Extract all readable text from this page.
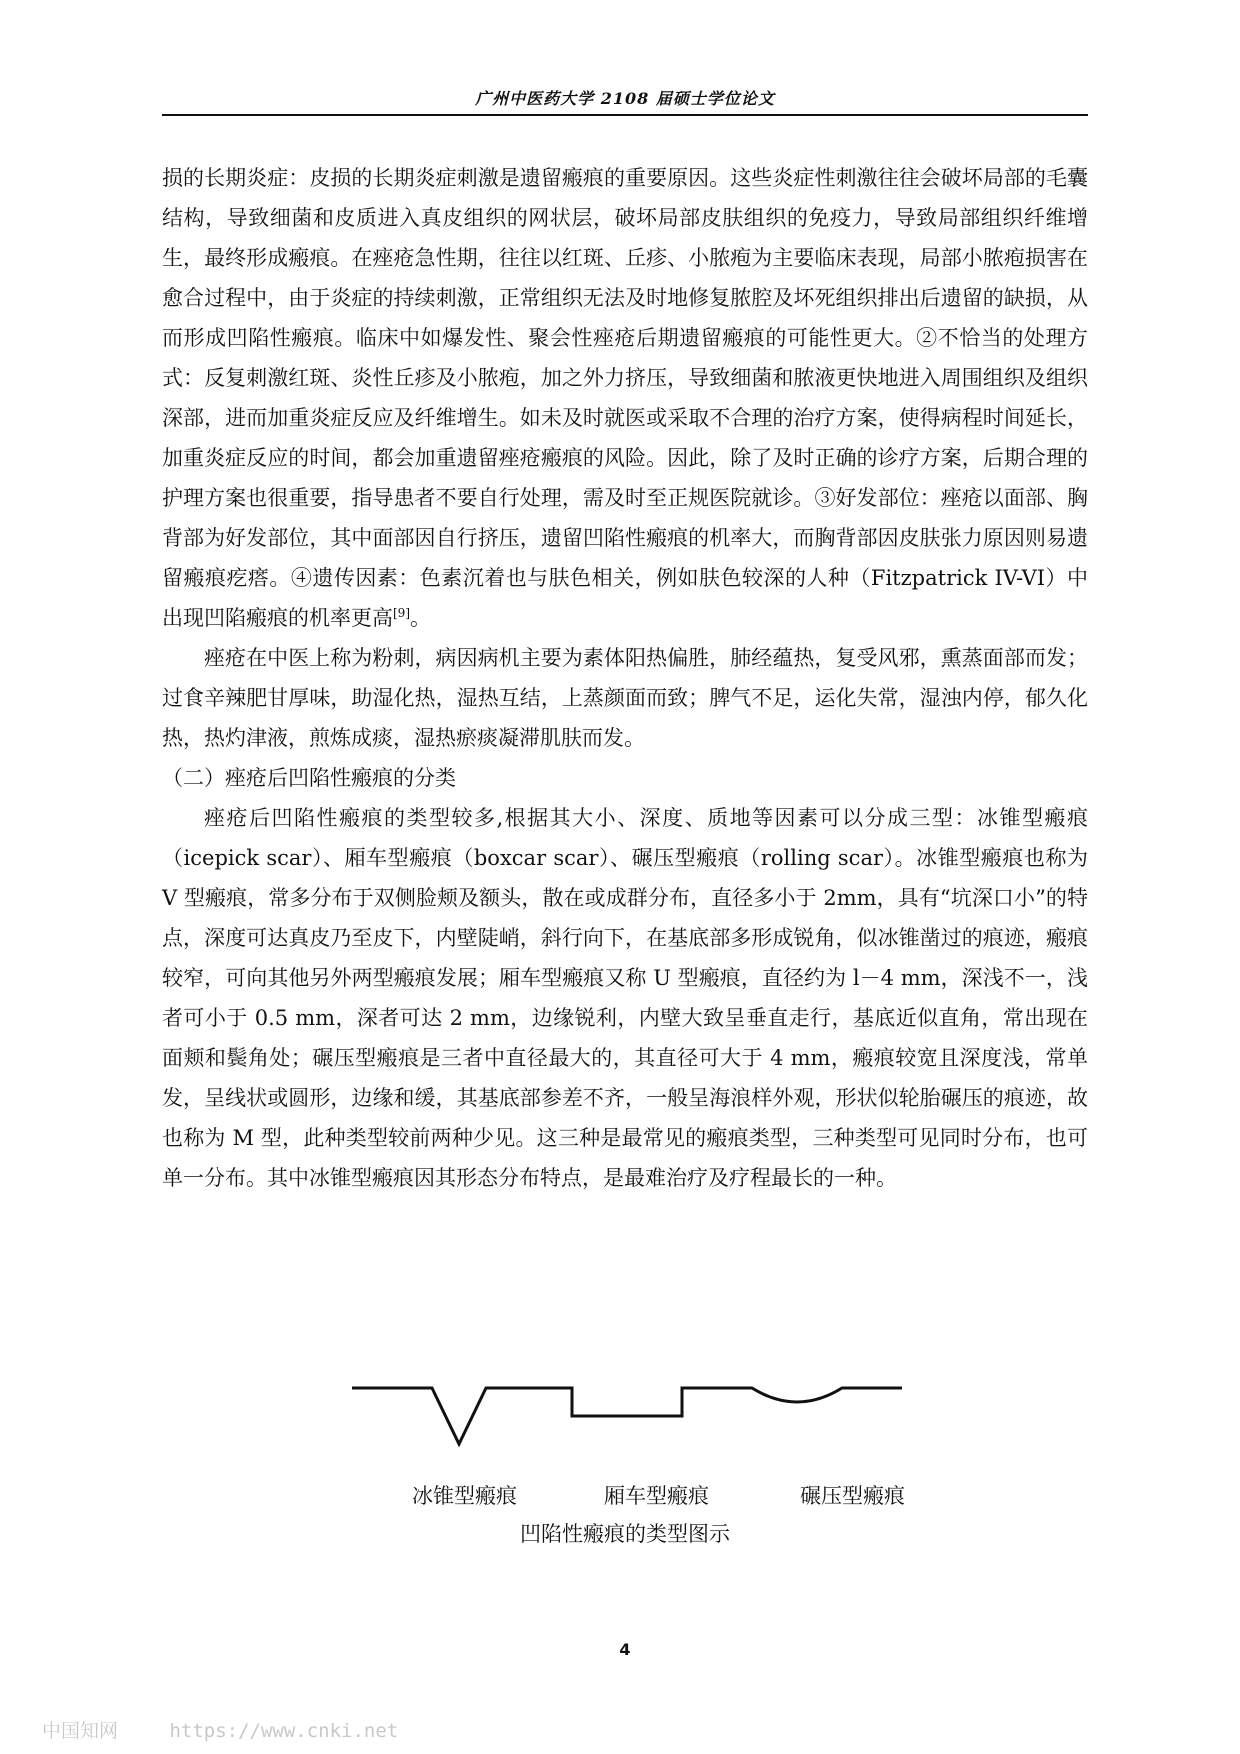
广州中医药大学 2108 届硕士学位论文

损的长期炎症：皮损的长期炎症刺激是遗留瘢痕的重要原因。这些炎症性刺激往往会破坏局部的毛囊结构，导致细菌和皮质进入真皮组织的网状层，破坏局部皮肤组织的免疫力，导致局部组织纤维增生，最终形成瘢痕。在痤疮急性期，往往以红斑、丘疹、小脓疱为主要临床表现，局部小脓疱损害在愈合过程中，由于炎症的持续刺激，正常组织无法及时地修复脓腔及坏死组织排出后遗留的缺损，从而形成凹陷性瘢痕。临床中如爆发性、聚会性痤疮后期遗留瘢痕的可能性更大。②不恰当的处理方式：反复刺激红斑、炎性丘疹及小脓疱，加之外力挤压，导致细菌和脓液更快地进入周围组织及组织深部，进而加重炎症反应及纤维增生。如未及时就医或采取不合理的治疗方案，使得病程时间延长，加重炎症反应的时间，都会加重遗留痤疮瘢痕的风险。因此，除了及时正确的诊疗方案，后期合理的护理方案也很重要，指导患者不要自行处理，需及时至正规医院就诊。③好发部位：痤疮以面部、胸背部为好发部位，其中面部因自行挤压，遗留凹陷性瘢痕的机率大，而胸背部因皮肤张力原因则易遗留瘢痕疙瘩。④遗传因素：色素沉着也与肤色相关，例如肤色较深的人种（Fitzpatrick IV-VI）中出现凹陷瘢痕的机率更高[9]。

痤疮在中医上称为粉刺，病因病机主要为素体阳热偏胜，肺经蕴热，复受风邪，熏蒸面部而发；过食辛辣肥甘厚味，助湿化热，湿热互结，上蒸颜面而致；脾气不足，运化失常，湿浊内停，郁久化热，热灼津液，煎炼成痰，湿热瘀痰凝滞肌肤而发。

（二）痤疮后凹陷性瘢痕的分类

痤疮后凹陷性瘢痕的类型较多,根据其大小、深度、质地等因素可以分成三型：冰锥型瘢痕（icepick scar）、厢车型瘢痕（boxcar scar）、碾压型瘢痕（rolling scar）。冰锥型瘢痕也称为 V 型瘢痕，常多分布于双侧脸颊及额头，散在或成群分布，直径多小于 2mm，具有“坑深口小”的特点，深度可达真皮乃至皮下，内壁陡峭，斜行向下，在基底部多形成锐角，似冰锥凿过的痕迹，瘢痕较窄，可向其他另外两型瘢痕发展；厢车型瘢痕又称 U 型瘢痕，直径约为 l－4 mm，深浅不一，浅者可小于 0.5 mm，深者可达 2 mm，边缘锐利，内壁大致呈垂直走行，基底近似直角，常出现在面颊和鬓角处；碾压型瘢痕是三者中直径最大的，其直径可大于 4 mm，瘢痕较宽且深度浅，常单发，呈线状或圆形，边缘和缓，其基底部参差不齐，一般呈海浪样外观，形状似轮胎碾压的痕迹，故也称为 M 型，此种类型较前两种少见。这三种是最常见的瘢痕类型，三种类型可见同时分布，也可单一分布。其中冰锥型瘢痕因其形态分布特点，是最难治疗及疗程最长的一种。

冰锥型瘢痕	厢车型瘢痕	碾压型瘢痕
凹陷性瘢痕的类型图示
4
中国知网	https://www.cnki.net
